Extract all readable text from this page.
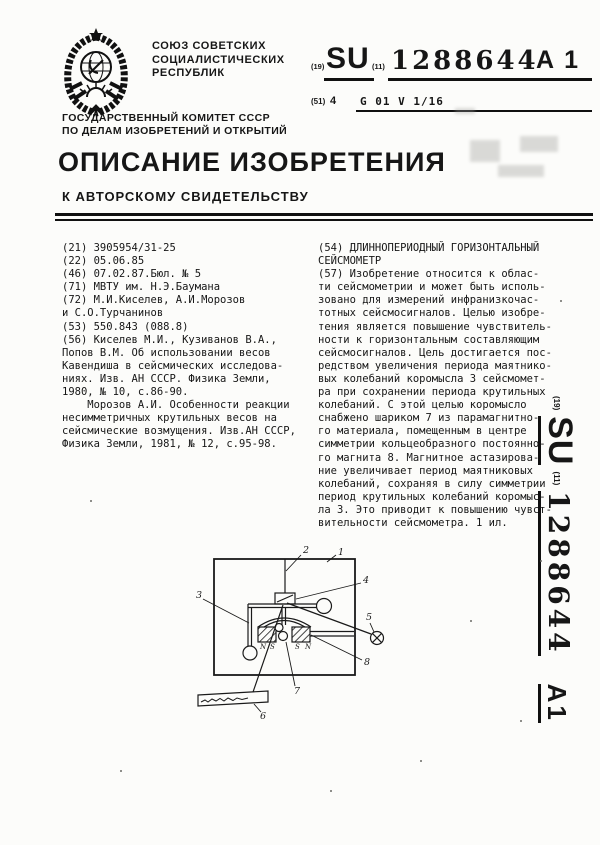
СОЮЗ СОВЕТСКИХ
СОЦИАЛИСТИЧЕСКИХ
РЕСПУБЛИК
ГОСУДАРСТВЕННЫЙ КОМИТЕТ СССР
ПО ДЕЛАМ ИЗОБРЕТЕНИЙ И ОТКРЫТИЙ
(19) SU (11) 1288644
A 1
(51) 4 G 01 V 1/16
ОПИСАНИЕ ИЗОБРЕТЕНИЯ
К АВТОРСКОМУ СВИДЕТЕЛЬСТВУ
(21) 3905954/31-25
(22) 05.06.85
(46) 07.02.87.Бюл. № 5
(71) МВТУ им. Н.Э.Баумана
(72) М.И.Киселев, А.И.Морозов
и С.О.Турчанинов
(53) 550.843 (088.8)
(56) Киселев М.И., Кузиванов В.А.,
Попов В.М. Об использовании весов
Кавендиша в сейсмических исследова-
ниях. Изв. АН СССР. Физика Земли,
1980, № 10, с.86-90.
Морозов А.И. Особенности реакции
несимметричных крутильных весов на
сейсмические возмущения. Изв.АН СССР,
Физика Земли, 1981, № 12, с.95-98.
(54) ДЛИННОПЕРИОДНЫЙ ГОРИЗОНТАЛЬНЫЙ
СЕЙСМОМЕТР
(57) Изобретение относится к облас-
ти сейсмометрии и может быть исполь-
зовано для измерений инфранизкочас-
тотных сейсмосигналов. Целью изобре-
тения является повышение чувствитель-
ности к горизонтальным составляющим
сейсмосигналов. Цель достигается пос-
редством увеличения периода маятнико-
вых колебаний коромысла 3 сейсмомет-
ра при сохранении периода крутильных
колебаний. С этой целью коромысло
снабжено шариком 7 из парамагнитно-
го материала, помещенным в центре
симметрии кольцеобразного постоянно-
го магнита 8. Магнитное астазирова-
ние увеличивает период маятниковых
колебаний, сохраняя в силу симметрии
период крутильных колебаний коромыс-
ла 3. Это приводит к повышению чувст-
вительности сейсмометра. 1 ил.
(19)
SU
(11)
1288644
A1
1
2
3
4
5
6
7
8
N S	S N
